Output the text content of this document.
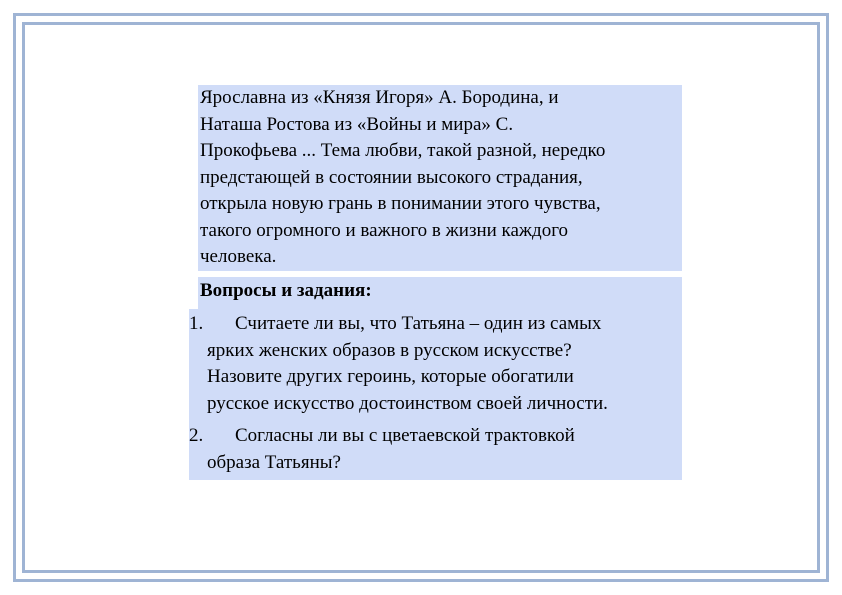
Ярославна из «Князя Игоря» А. Бородина, и
Наташа Ростова из «Войны и мира» С.
Прокофьева ... Тема любви, такой разной, нередко
предстающей в состоянии высокого страдания,
открыла новую грань в понимании этого чувства,
такого огромного и важного в жизни каждого
человека.
Вопросы и задания:
1.	Считаете ли вы, что Татьяна – один из самых
ярких женских образов в русском искусстве?
Назовите других героинь, которые обогатили
русское искусство достоинством своей личности.
2.	Согласны ли вы с цветаевской трактовкой
образа Татьяны?
